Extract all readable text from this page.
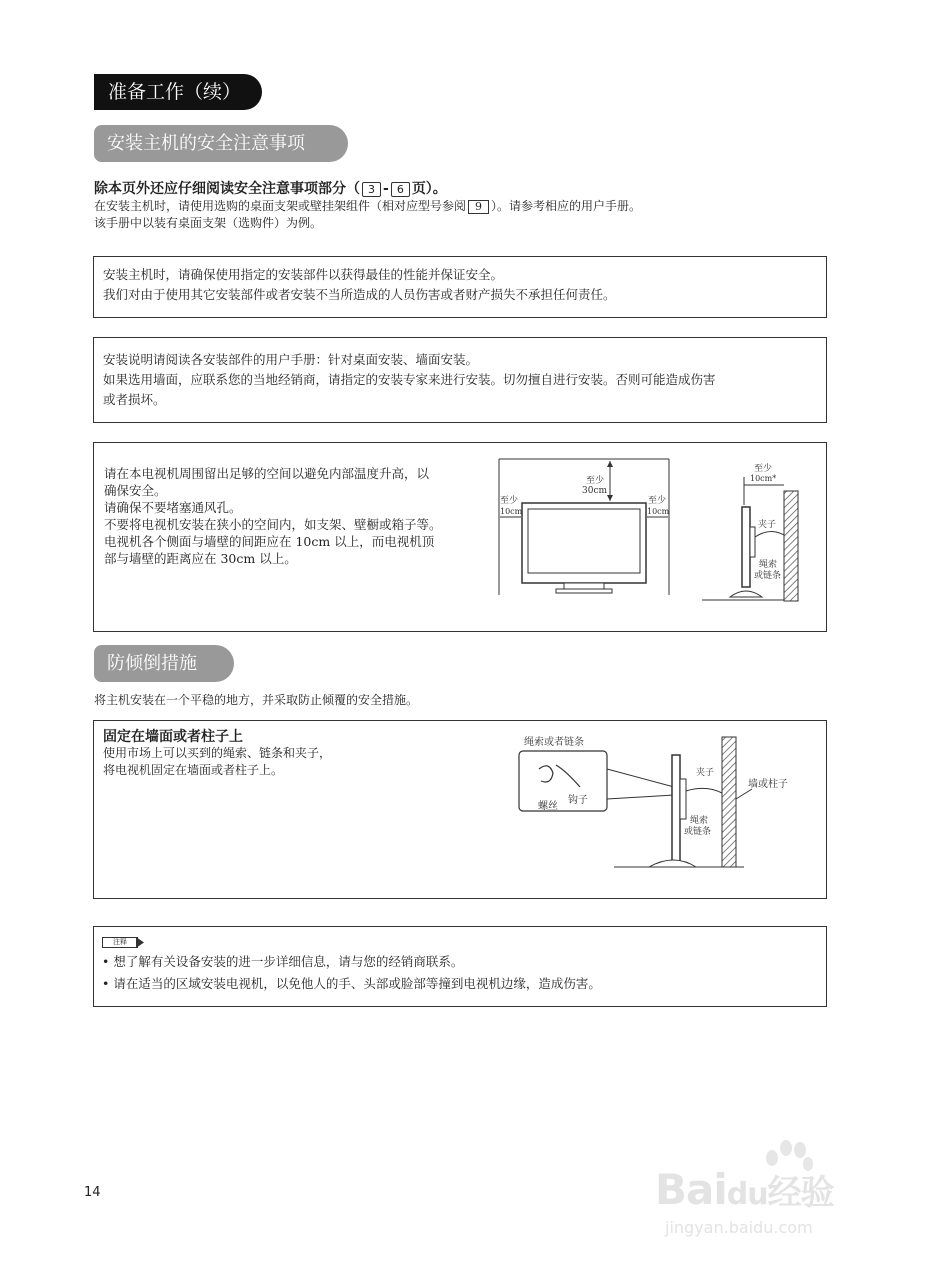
准备工作（续）
安装主机的安全注意事项
除本页外还应仔细阅读安全注意事项部分（ 3 - 6 页）。
在安装主机时，请使用选购的桌面支架或壁挂架组件（相对应型号参阅 9 ）。请参考相应的用户手册。
该手册中以装有桌面支架（选购件）为例。
安装主机时，请确保使用指定的安装部件以获得最佳的性能并保证安全。
我们对由于使用其它安装部件或者安装不当所造成的人员伤害或者财产损失不承担任何责任。
安装说明请阅读各安装部件的用户手册：针对桌面安装、墙面安装。
如果选用墙面，应联系您的当地经销商，请指定的安装专家来进行安装。切勿擅自进行安装。否则可能造成伤害
或者损坏。
请在本电视机周围留出足够的空间以避免内部温度升高，以
确保安全。
请确保不要堵塞通风孔。
不要将电视机安装在狭小的空间内，如支架、壁橱或箱子等。
电视机各个侧面与墙壁的间距应在 10cm 以上，而电视机顶
部与墙壁的距离应在 30cm 以上。
至少
30cm
至少
10cm
至少
10cm
至少
10cm*
夹子
绳索
或链条
防倾倒措施
将主机安装在一个平稳的地方，并采取防止倾覆的安全措施。
固定在墙面或者柱子上
使用市场上可以买到的绳索、链条和夹子，
将电视机固定在墙面或者柱子上。
绳索或者链条
螺丝
钩子
夹子
墙或柱子
绳索
或链条
注释
• 想了解有关设备安装的进一步详细信息，请与您的经销商联系。
• 请在适当的区域安装电视机，以免他人的手、头部或脸部等撞到电视机边缘，造成伤害。
14	Baidu经验
jingyan.baidu.com
